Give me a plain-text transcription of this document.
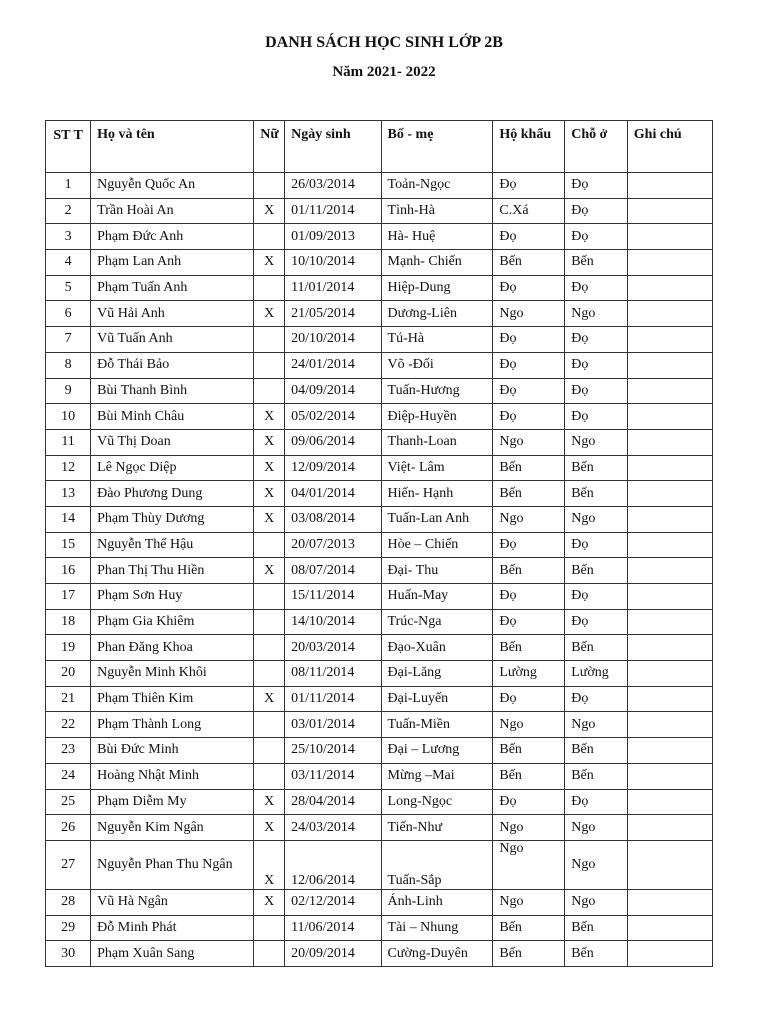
DANH SÁCH HỌC SINH LỚP 2B
Năm 2021- 2022
ST T	Họ và tên	Nữ	Ngày sinh	Bố - mẹ	Hộ khẩu	Chỗ ở	Ghi chú
1	Nguyễn Quốc An		26/03/2014	Toản-Ngọc	Đọ	Đọ	
2	Trần Hoài An	X	01/11/2014	Tình-Hà	C.Xá	Đọ	
3	Phạm Đức Anh		01/09/2013	Hà- Huệ	Đọ	Đọ	
4	Phạm Lan Anh	X	10/10/2014	Mạnh- Chiến	Bến	Bến	
5	Phạm Tuấn Anh		11/01/2014	Hiệp-Dung	Đọ	Đọ	
6	Vũ Hải Anh	X	21/05/2014	Dương-Liên	Ngo	Ngo	
7	Vũ Tuấn Anh		20/10/2014	Tú-Hà	Đọ	Đọ	
8	Đỗ Thái Bảo		24/01/2014	Võ -Đối	Đọ	Đọ	
9	Bùi Thanh Bình		04/09/2014	Tuấn-Hương	Đọ	Đọ	
10	Bùi Minh Châu	X	05/02/2014	Điệp-Huyền	Đọ	Đọ	
11	Vũ Thị Doan	X	09/06/2014	Thanh-Loan	Ngo	Ngo	
12	Lê Ngọc Diệp	X	12/09/2014	Việt- Lâm	Bến	Bến	
13	Đào Phương Dung	X	04/01/2014	Hiến- Hạnh	Bến	Bến	
14	Phạm Thùy Dương	X	03/08/2014	Tuấn-Lan Anh	Ngo	Ngo	
15	Nguyễn Thế Hậu		20/07/2013	Hòe – Chiến	Đọ	Đọ	
16	Phan Thị Thu Hiền	X	08/07/2014	Đại- Thu	Bến	Bến	
17	Phạm Sơn Huy		15/11/2014	Huấn-May	Đọ	Đọ	
18	Phạm Gia Khiêm		14/10/2014	Trúc-Nga	Đọ	Đọ	
19	Phan Đăng Khoa		20/03/2014	Đạo-Xuân	Bến	Bến	
20	Nguyễn Minh Khôi		08/11/2014	Đại-Lăng	Lường	Lường	
21	Phạm Thiên Kim	X	01/11/2014	Đại-Luyến	Đọ	Đọ	
22	Phạm Thành Long		03/01/2014	Tuấn-Miền	Ngo	Ngo	
23	Bùi Đức Minh		25/10/2014	Đại – Lương	Bến	Bến	
24	Hoàng Nhật Minh		03/11/2014	Mừng –Mai	Bến	Bến	
25	Phạm Diễm My	X	28/04/2014	Long-Ngọc	Đọ	Đọ	
26	Nguyễn Kim Ngân	X	24/03/2014	Tiến-Như	Ngo	Ngo	
27	Nguyễn Phan Thu Ngân	X	12/06/2014	Tuấn-Sắp	Ngo	Ngo	
28	Vũ Hà Ngân	X	02/12/2014	Ánh-Linh	Ngo	Ngo	
29	Đỗ Minh Phát		11/06/2014	Tài – Nhung	Bến	Bến	
30	Phạm Xuân Sang		20/09/2014	Cường-Duyên	Bến	Bến	
